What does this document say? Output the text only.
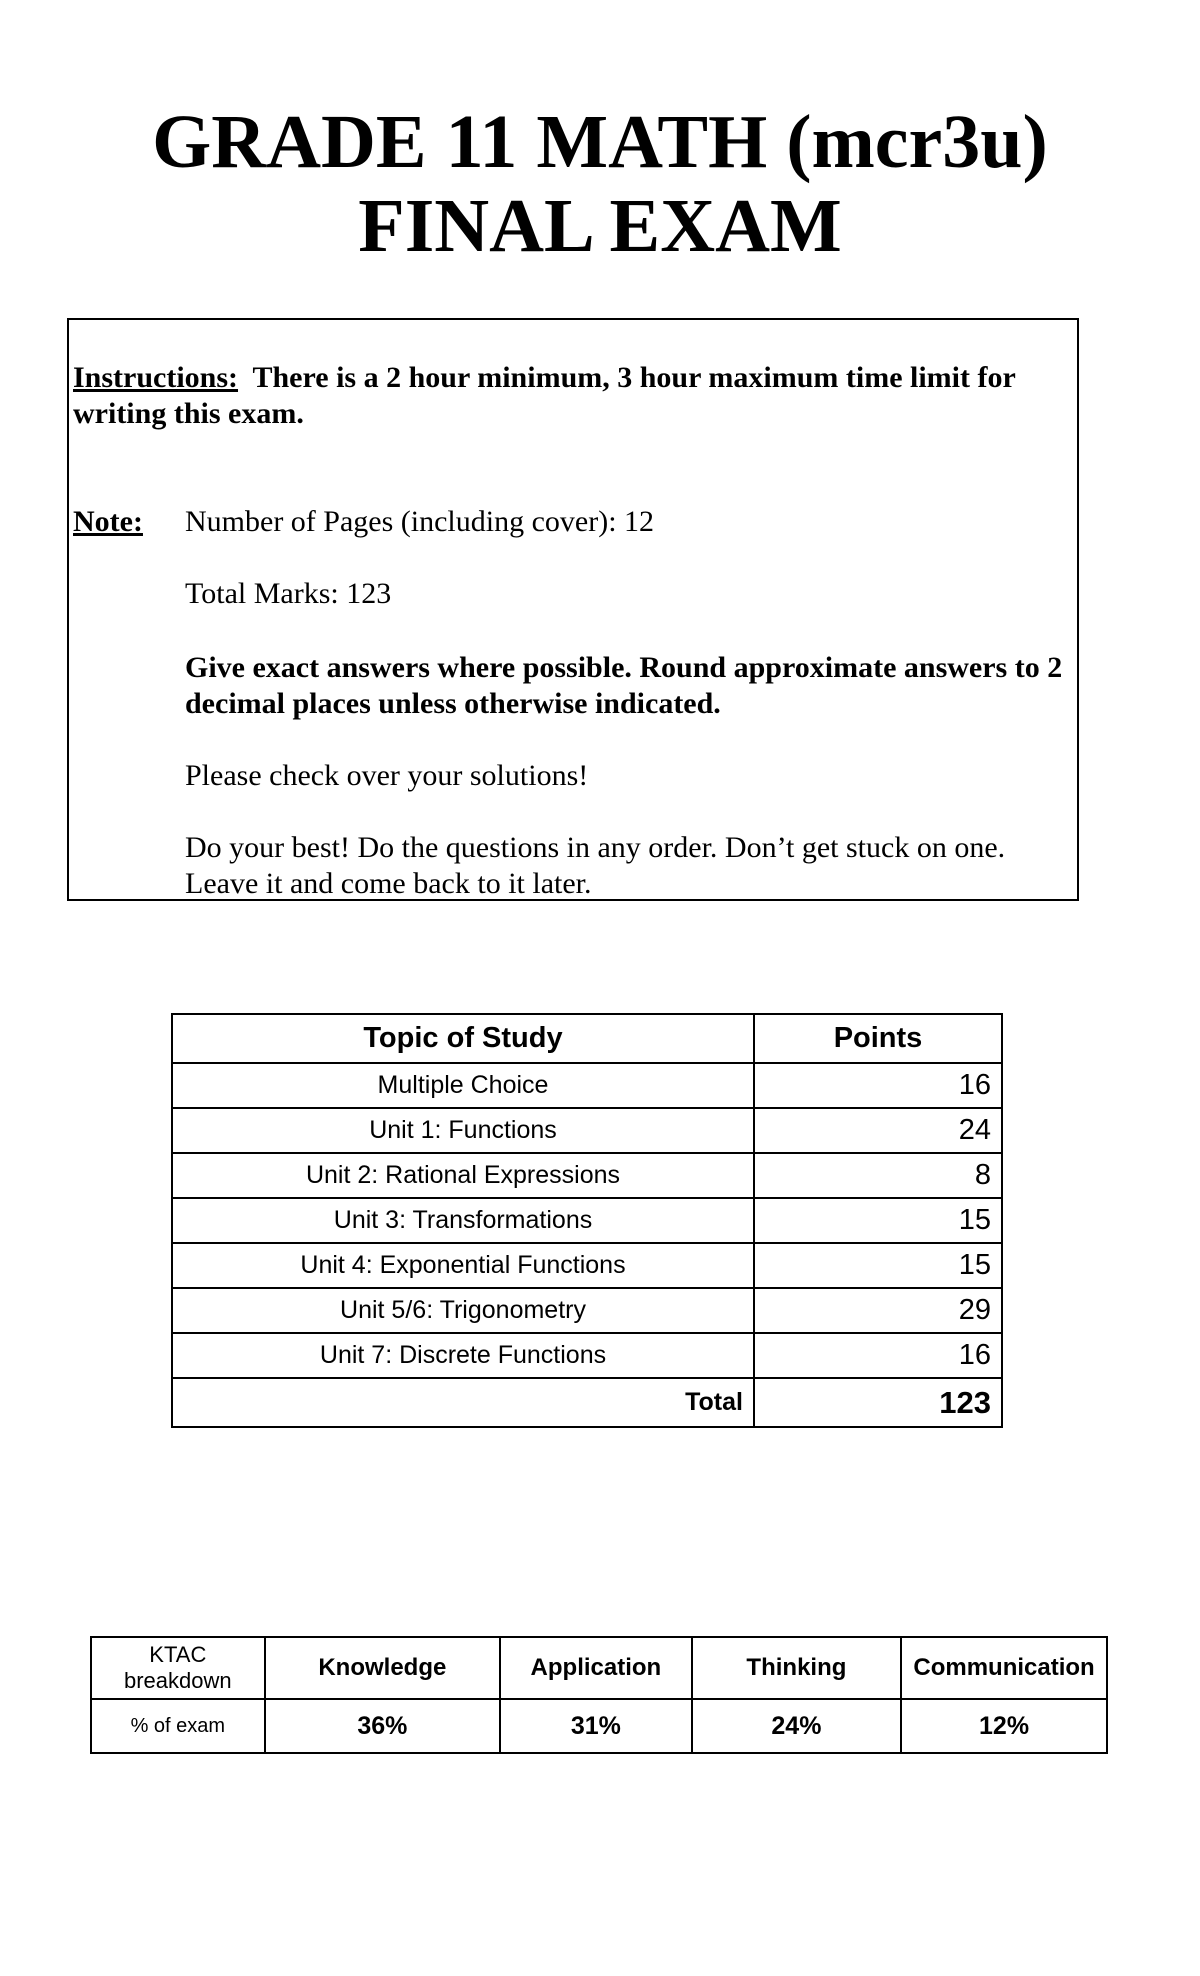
GRADE 11 MATH (mcr3u)
FINAL EXAM
Instructions: There is a 2 hour minimum, 3 hour maximum time limit for writing this exam.
Note: Number of Pages (including cover): 12
Total Marks: 123
Give exact answers where possible. Round approximate answers to 2 decimal places unless otherwise indicated.
Please check over your solutions!
Do your best! Do the questions in any order. Don’t get stuck on one. Leave it and come back to it later.
Topic of Study	Points
Multiple Choice	16
Unit 1: Functions	24
Unit 2: Rational Expressions	8
Unit 3: Transformations	15
Unit 4: Exponential Functions	15
Unit 5/6: Trigonometry	29
Unit 7: Discrete Functions	16
Total	123
KTAC breakdown	Knowledge	Application	Thinking	Communication
% of exam	36%	31%	24%	12%
